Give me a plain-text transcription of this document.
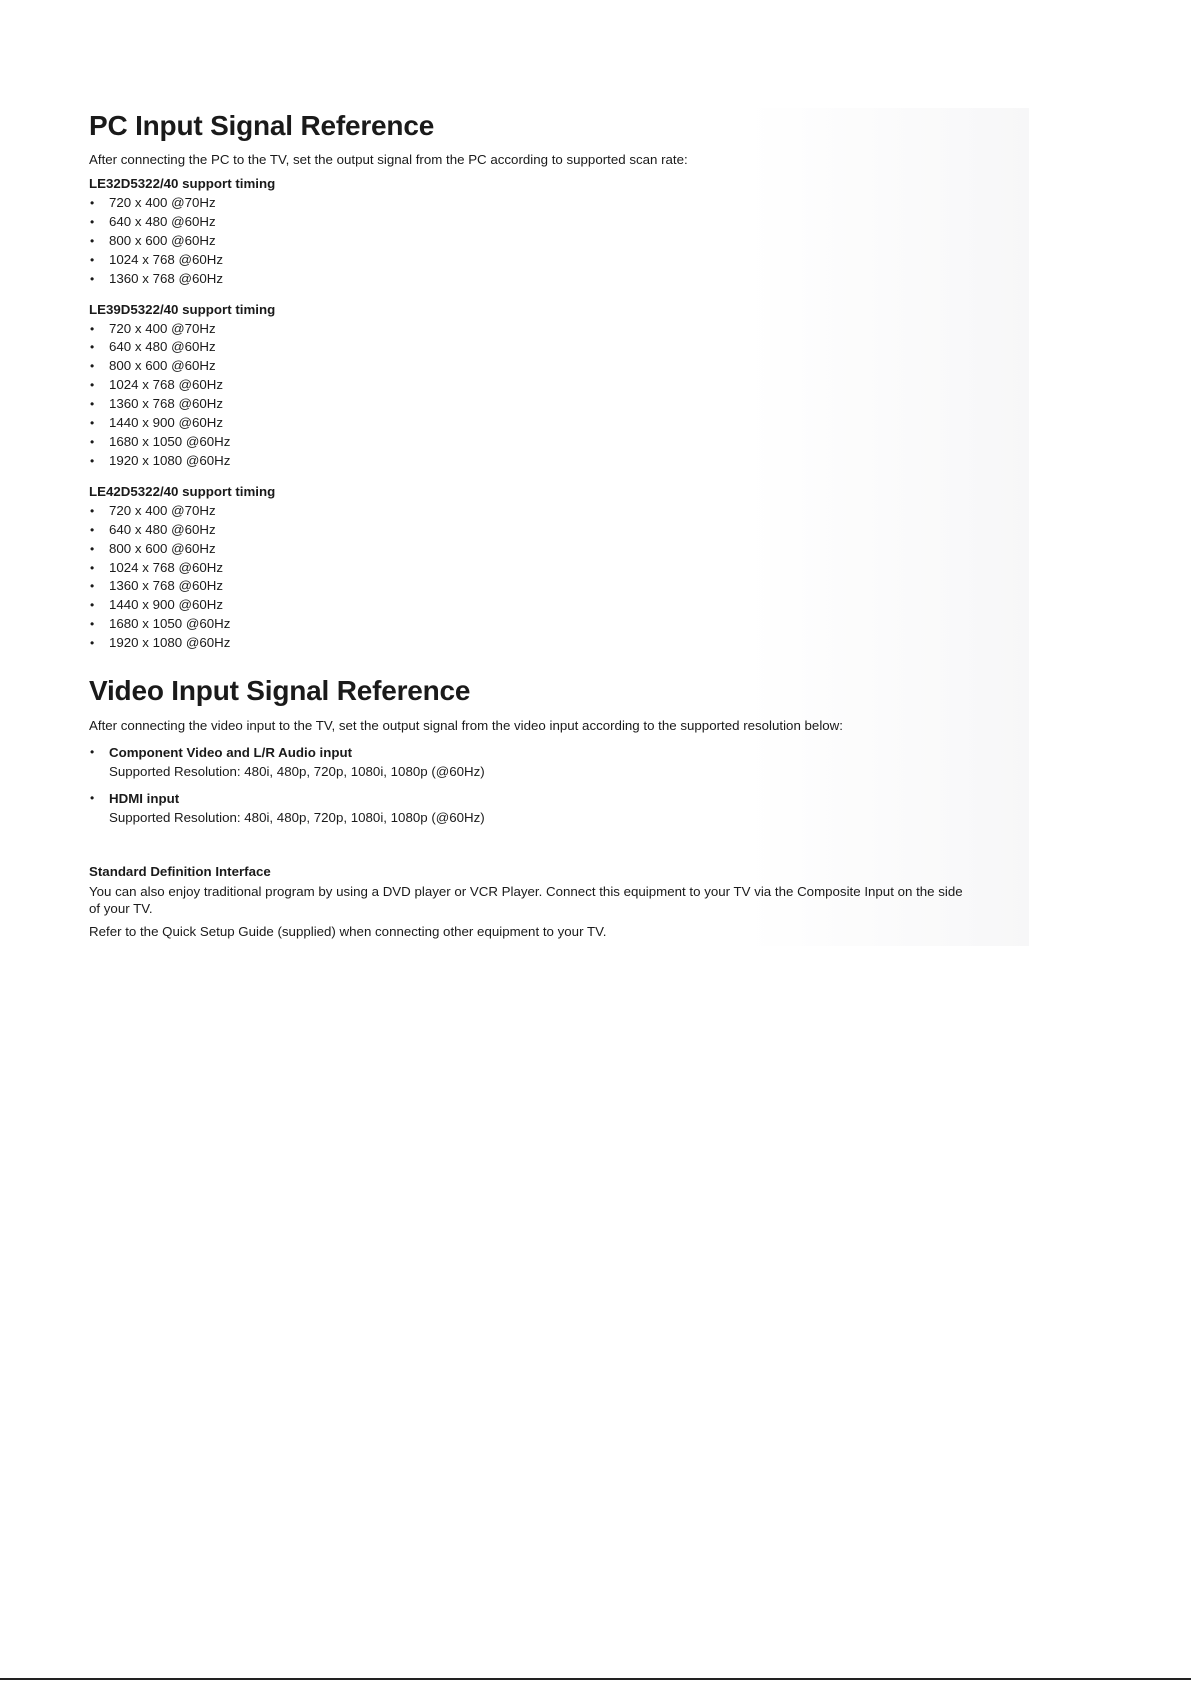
PC Input Signal Reference

After connecting the PC to the TV, set the output signal from the PC according to supported scan rate:

LE32D5322/40 support timing

• 720 x 400 @70Hz
• 640 x 480 @60Hz
• 800 x 600 @60Hz
• 1024 x 768 @60Hz
• 1360 x 768 @60Hz

LE39D5322/40 support timing

• 720 x 400 @70Hz
• 640 x 480 @60Hz
• 800 x 600 @60Hz
• 1024 x 768 @60Hz
• 1360 x 768 @60Hz
• 1440 x 900 @60Hz
• 1680 x 1050 @60Hz
• 1920 x 1080 @60Hz

LE42D5322/40 support timing

• 720 x 400 @70Hz
• 640 x 480 @60Hz
• 800 x 600 @60Hz
• 1024 x 768 @60Hz
• 1360 x 768 @60Hz
• 1440 x 900 @60Hz
• 1680 x 1050 @60Hz
• 1920 x 1080 @60Hz
Video Input Signal Reference

After connecting the video input to the TV, set the output signal from the video input according to the supported resolution below:

• Component Video and L/R Audio input
Supported Resolution: 480i, 480p, 720p, 1080i, 1080p (@60Hz)
• HDMI input
Supported Resolution: 480i, 480p, 720p, 1080i, 1080p (@60Hz)

Standard Definition Interface

You can also enjoy traditional program by using a DVD player or VCR Player. Connect this equipment to your TV via the Composite Input on the side of your TV.

Refer to the Quick Setup Guide (supplied) when connecting other equipment to your TV.
